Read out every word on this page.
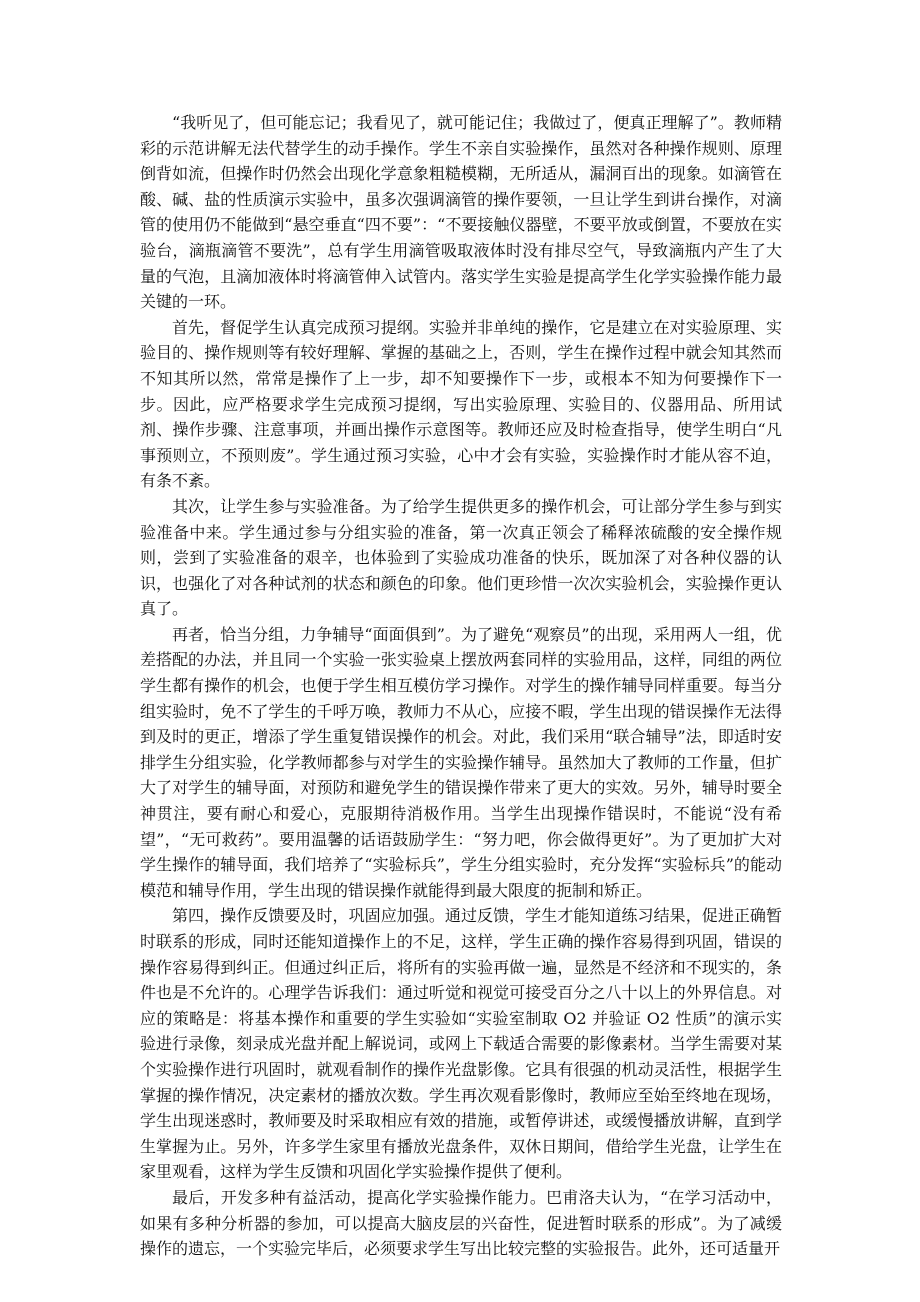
“我听见了，但可能忘记；我看见了，就可能记住；我做过了，便真正理解了”。教师精彩的示范讲解无法代替学生的动手操作。学生不亲自实验操作，虽然对各种操作规则、原理倒背如流，但操作时仍然会出现化学意象粗糙模糊，无所适从，漏洞百出的现象。如滴管在酸、碱、盐的性质演示实验中，虽多次强调滴管的操作要领，一旦让学生到讲台操作，对滴管的使用仍不能做到“悬空垂直“四不要”：“不要接触仪器壁，不要平放或倒置，不要放在实验台，滴瓶滴管不要洗”，总有学生用滴管吸取液体时没有排尽空气，导致滴瓶内产生了大量的气泡，且滴加液体时将滴管伸入试管内。落实学生实验是提高学生化学实验操作能力最关键的一环。

首先，督促学生认真完成预习提纲。实验并非单纯的操作，它是建立在对实验原理、实验目的、操作规则等有较好理解、掌握的基础之上，否则，学生在操作过程中就会知其然而不知其所以然，常常是操作了上一步，却不知要操作下一步，或根本不知为何要操作下一步。因此，应严格要求学生完成预习提纲，写出实验原理、实验目的、仪器用品、所用试剂、操作步骤、注意事项，并画出操作示意图等。教师还应及时检查指导，使学生明白“凡事预则立，不预则废”。学生通过预习实验，心中才会有实验，实验操作时才能从容不迫，有条不紊。

其次，让学生参与实验准备。为了给学生提供更多的操作机会，可让部分学生参与到实验准备中来。学生通过参与分组实验的准备，第一次真正领会了稀释浓硫酸的安全操作规则，尝到了实验准备的艰辛，也体验到了实验成功准备的快乐，既加深了对各种仪器的认识，也强化了对各种试剂的状态和颜色的印象。他们更珍惜一次次实验机会，实验操作更认真了。

再者，恰当分组，力争辅导“面面俱到”。为了避免“观察员”的出现，采用两人一组，优差搭配的办法，并且同一个实验一张实验桌上摆放两套同样的实验用品，这样，同组的两位学生都有操作的机会，也便于学生相互模仿学习操作。对学生的操作辅导同样重要。每当分组实验时，免不了学生的千呼万唤，教师力不从心，应接不暇，学生出现的错误操作无法得到及时的更正，增添了学生重复错误操作的机会。对此，我们采用“联合辅导”法，即适时安排学生分组实验，化学教师都参与对学生的实验操作辅导。虽然加大了教师的工作量，但扩大了对学生的辅导面，对预防和避免学生的错误操作带来了更大的实效。另外，辅导时要全神贯注，要有耐心和爱心，克服期待消极作用。当学生出现操作错误时，不能说“没有希望”，“无可救药”。要用温馨的话语鼓励学生：“努力吧，你会做得更好”。为了更加扩大对学生操作的辅导面，我们培养了“实验标兵”，学生分组实验时，充分发挥“实验标兵”的能动模范和辅导作用，学生出现的错误操作就能得到最大限度的扼制和矫正。

第四，操作反馈要及时，巩固应加强。通过反馈，学生才能知道练习结果，促进正确暂时联系的形成，同时还能知道操作上的不足，这样，学生正确的操作容易得到巩固，错误的操作容易得到纠正。但通过纠正后，将所有的实验再做一遍，显然是不经济和不现实的，条件也是不允许的。心理学告诉我们：通过听觉和视觉可接受百分之八十以上的外界信息。对应的策略是：将基本操作和重要的学生实验如“实验室制取 O2 并验证 O2 性质”的演示实验进行录像，刻录成光盘并配上解说词，或网上下载适合需要的影像素材。当学生需要对某个实验操作进行巩固时，就观看制作的操作光盘影像。它具有很强的机动灵活性，根据学生掌握的操作情况，决定素材的播放次数。学生再次观看影像时，教师应至始至终地在现场，学生出现迷惑时，教师要及时采取相应有效的措施，或暂停讲述，或缓慢播放讲解，直到学生掌握为止。另外，许多学生家里有播放光盘条件，双休日期间，借给学生光盘，让学生在家里观看，这样为学生反馈和巩固化学实验操作提供了便利。

最后，开发多种有益活动，提高化学实验操作能力。巴甫洛夫认为，“在学习活动中，如果有多种分析器的参加，可以提高大脑皮层的兴奋性，促进暂时联系的形成”。为了减缓操作的遗忘，一个实验完毕后，必须要求学生写出比较完整的实验报告。此外，还可适量开
